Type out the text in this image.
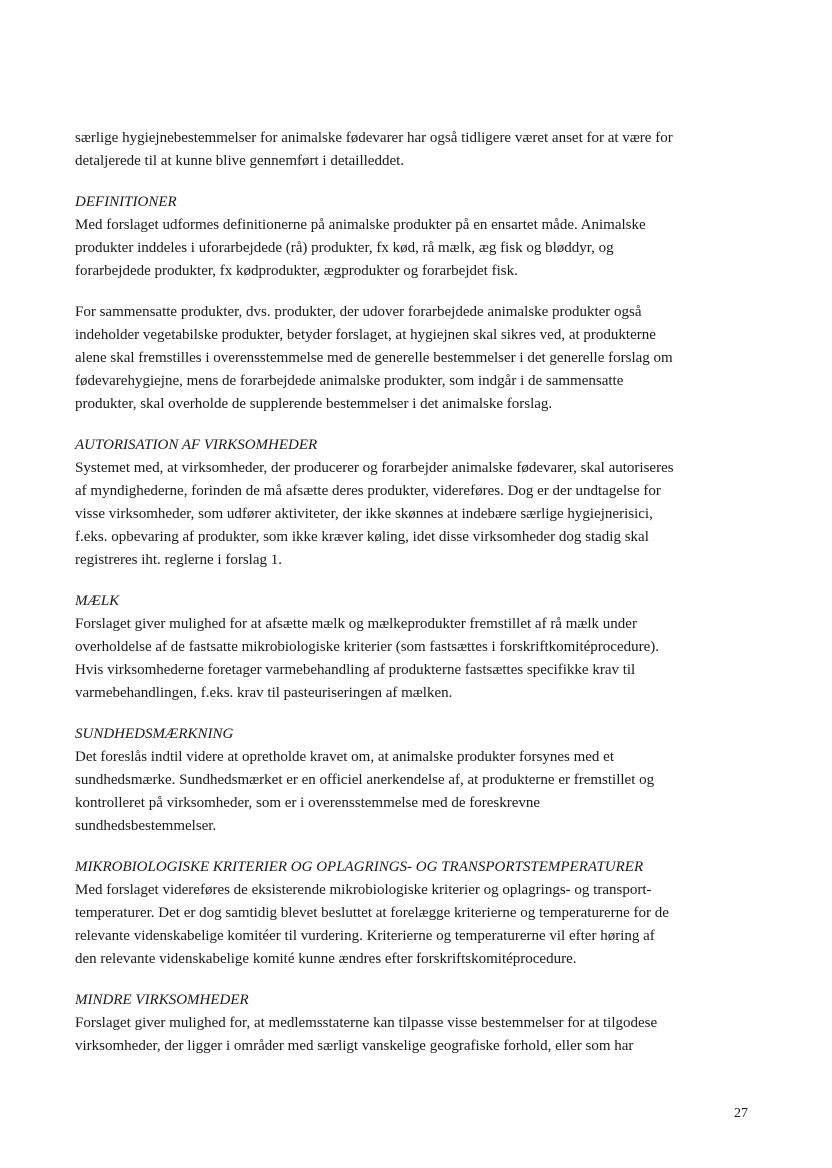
særlige hygiejnebestemmelser for animalske fødevarer har også tidligere været anset for at være for
detaljerede til at kunne blive gennemført i detailleddet.

DEFINITIONER

Med forslaget udformes definitionerne på animalske produkter på en ensartet måde. Animalske
produkter inddeles i uforarbejdede (rå) produkter, fx kød, rå mælk, æg fisk og bløddyr, og
forarbejdede produkter, fx kødprodukter, ægprodukter og forarbejdet fisk.

For sammensatte produkter, dvs. produkter, der udover forarbejdede animalske produkter også
indeholder vegetabilske produkter, betyder forslaget, at hygiejnen skal sikres ved, at produkterne
alene skal fremstilles i overensstemmelse med de generelle bestemmelser i det generelle forslag om
fødevarehygiejne, mens de forarbejdede animalske produkter, som indgår i de sammensatte
produkter, skal overholde de supplerende bestemmelser i det animalske forslag.

AUTORISATION AF VIRKSOMHEDER

Systemet med, at virksomheder, der producerer og forarbejder animalske fødevarer, skal autoriseres
af myndighederne, forinden de må afsætte deres produkter, videreføres. Dog er der undtagelse for
visse virksomheder, som udfører aktiviteter, der ikke skønnes at indebære særlige hygiejnerisici,
f.eks. opbevaring af produkter, som ikke kræver køling, idet disse virksomheder dog stadig skal
registreres iht. reglerne i forslag 1.

MÆLK

Forslaget giver mulighed for at afsætte mælk og mælkeprodukter fremstillet af rå mælk under
overholdelse af de fastsatte mikrobiologiske kriterier (som fastsættes i forskriftkomitéprocedure).
Hvis virksomhederne foretager varmebehandling af produkterne fastsættes specifikke krav til
varmebehandlingen, f.eks. krav til pasteuriseringen af mælken.

SUNDHEDSMÆRKNING

Det foreslås indtil videre at opretholde kravet om, at animalske produkter forsynes med et
sundhedsmærke. Sundhedsmærket er en officiel anerkendelse af, at produkterne er fremstillet og
kontrolleret på virksomheder, som er i overensstemmelse med de foreskrevne
sundhedsbestemmelser.

MIKROBIOLOGISKE KRITERIER OG OPLAGRINGS- OG TRANSPORTSTEMPERATURER

Med forslaget videreføres de eksisterende mikrobiologiske kriterier og oplagrings- og transport-
temperaturer. Det er dog samtidig blevet besluttet at forelægge kriterierne og temperaturerne for de
relevante videnskabelige komitéer til vurdering. Kriterierne og temperaturerne vil efter høring af
den relevante videnskabelige komité kunne ændres efter forskriftskomitéprocedure.

MINDRE VIRKSOMHEDER

Forslaget giver mulighed for, at medlemsstaterne kan tilpasse visse bestemmelser for at tilgodese
virksomheder, der ligger i områder med særligt vanskelige geografiske forhold, eller som har

27
